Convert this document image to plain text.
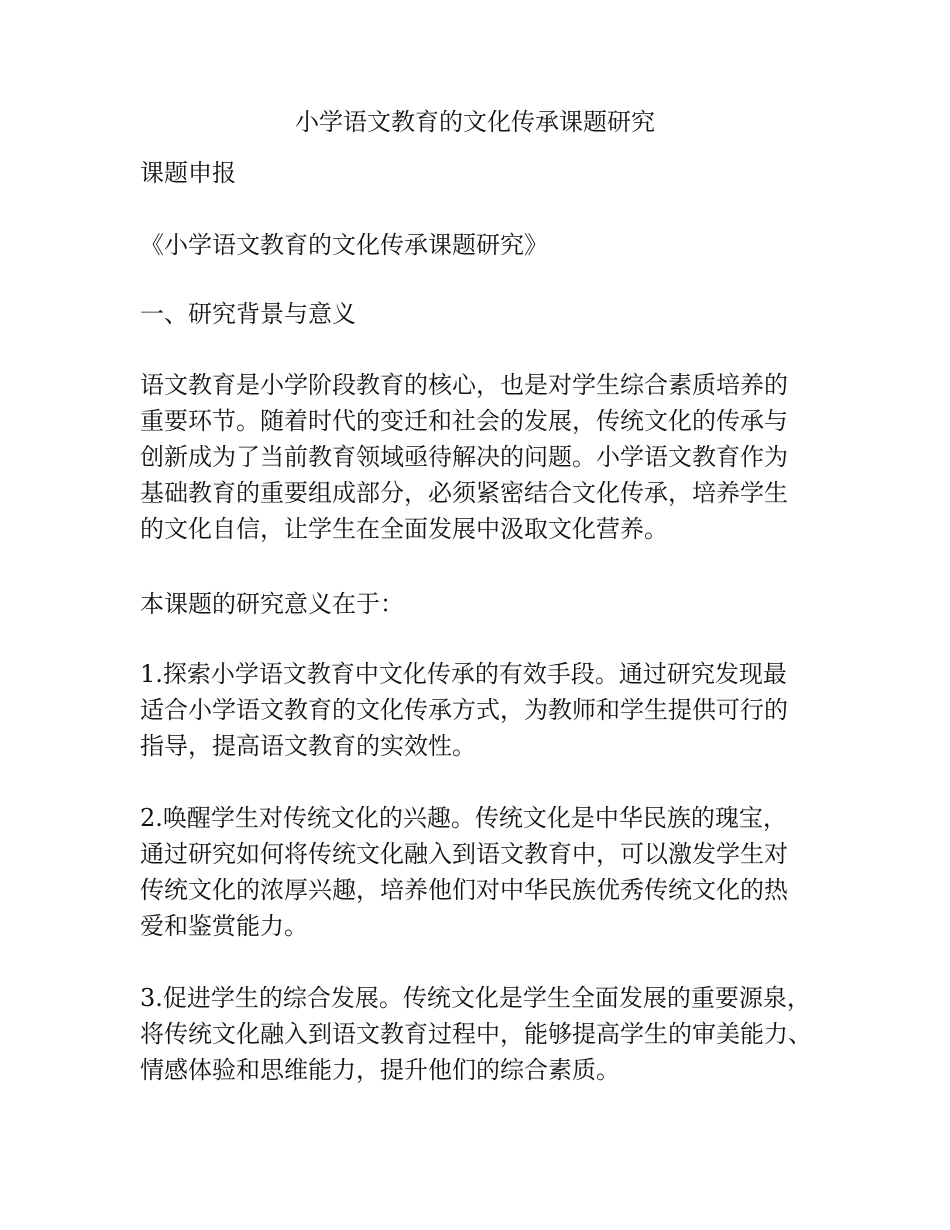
小学语文教育的文化传承课题研究
课题申报
《小学语文教育的文化传承课题研究》
一、研究背景与意义
语文教育是小学阶段教育的核心，也是对学生综合素质培养的
重要环节。随着时代的变迁和社会的发展，传统文化的传承与
创新成为了当前教育领域亟待解决的问题。小学语文教育作为
基础教育的重要组成部分，必须紧密结合文化传承，培养学生
的文化自信，让学生在全面发展中汲取文化营养。
本课题的研究意义在于：
1.探索小学语文教育中文化传承的有效手段。通过研究发现最
适合小学语文教育的文化传承方式，为教师和学生提供可行的
指导，提高语文教育的实效性。
2.唤醒学生对传统文化的兴趣。传统文化是中华民族的瑰宝，
通过研究如何将传统文化融入到语文教育中，可以激发学生对
传统文化的浓厚兴趣，培养他们对中华民族优秀传统文化的热
爱和鉴赏能力。
3.促进学生的综合发展。传统文化是学生全面发展的重要源泉，
将传统文化融入到语文教育过程中，能够提高学生的审美能力、
情感体验和思维能力，提升他们的综合素质。
